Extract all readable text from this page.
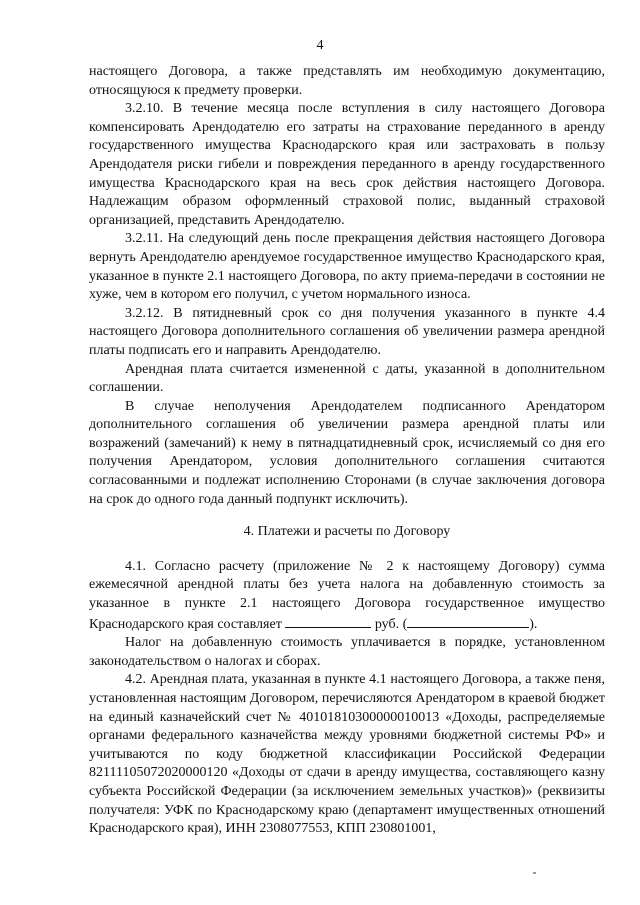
4

настоящего Договора, а также представлять им необходимую документацию, относящуюся к предмету проверки.

3.2.10. В течение месяца после вступления в силу настоящего Договора компенсировать Арендодателю его затраты на страхование переданного в аренду государственного имущества Краснодарского края или застраховать в пользу Арендодателя риски гибели и повреждения переданного в аренду государственного имущества Краснодарского края на весь срок действия настоящего Договора. Надлежащим образом оформленный страховой полис, выданный страховой организацией, представить Арендодателю.

3.2.11. На следующий день после прекращения действия настоящего Договора вернуть Арендодателю арендуемое государственное имущество Краснодарского края, указанное в пункте 2.1 настоящего Договора, по акту приема-передачи в состоянии не хуже, чем в котором его получил, с учетом нормального износа.

3.2.12. В пятидневный срок со дня получения указанного в пункте 4.4 настоящего Договора дополнительного соглашения об увеличении размера арендной платы подписать его и направить Арендодателю.

Арендная плата считается измененной с даты, указанной в дополнительном соглашении.

В случае неполучения Арендодателем подписанного Арендатором дополнительного соглашения об увеличении размера арендной платы или возражений (замечаний) к нему в пятнадцатидневный срок, исчисляемый со дня его получения Арендатором, условия дополнительного соглашения считаются согласованными и подлежат исполнению Сторонами (в случае заключения договора на срок до одного года данный подпункт исключить).

4. Платежи и расчеты по Договору

4.1. Согласно расчету (приложение № 2 к настоящему Договору) сумма ежемесячной арендной платы без учета налога на добавленную стоимость за указанное в пункте 2.1 настоящего Договора государственное имущество Краснодарского края составляет	руб. (	).

Налог на добавленную стоимость уплачивается в порядке, установленном законодательством о налогах и сборах.

4.2. Арендная плата, указанная в пункте 4.1 настоящего Договора, а также пеня, установленная настоящим Договором, перечисляются Арендатором в краевой бюджет на единый казначейский счет № 40101810300000010013 «Доходы, распределяемые органами федерального казначейства между уровнями бюджетной системы РФ» и учитываются по коду бюджетной классификации Российской Федерации 82111105072020000120 «Доходы от сдачи в аренду имущества, составляющего казну субъекта Российской Федерации (за исключением земельных участков)» (реквизиты получателя: УФК по Краснодарскому краю (департамент имущественных отношений Краснодарского края), ИНН 2308077553, КПП 230801001,
